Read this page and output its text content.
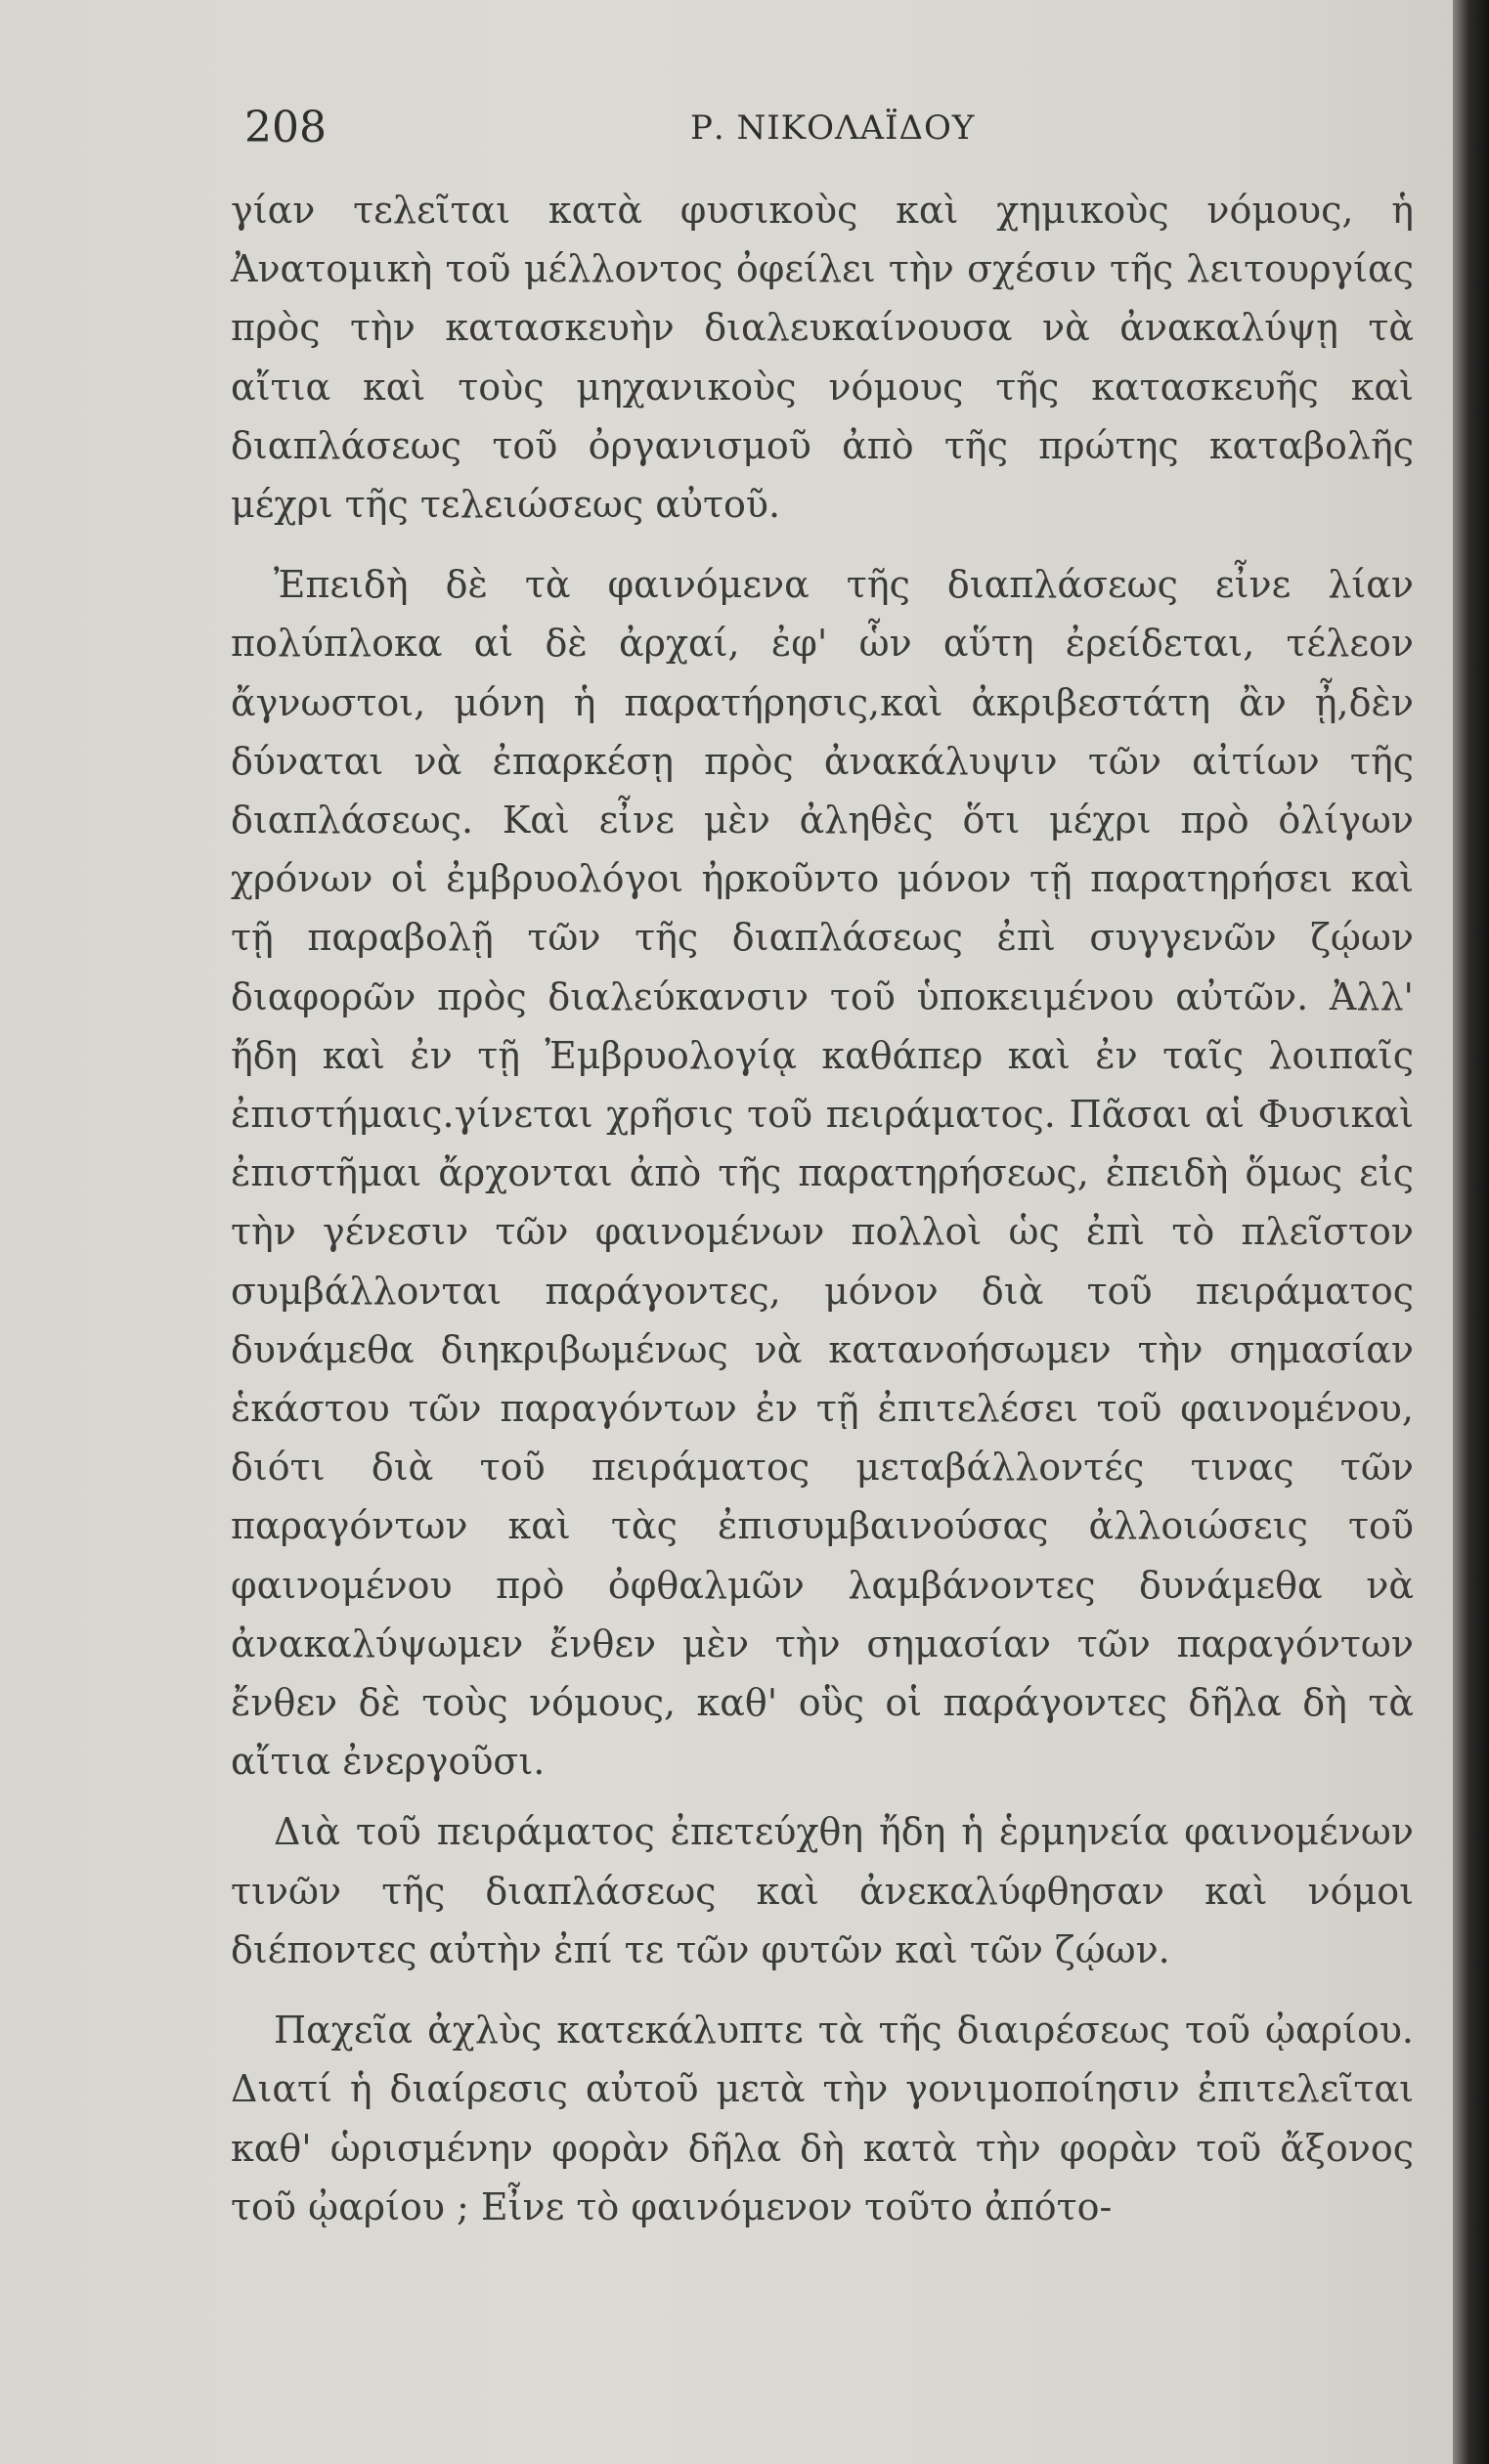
208	Ρ. ΝΙΚΟΛΑΪΔΟΥ

γίαν τελεῖται κατὰ φυσικοὺς καὶ χημικοὺς νόμους, ἡ Ἀνατομικὴ τοῦ μέλλοντος ὀφείλει τὴν σχέσιν τῆς λειτουργίας πρὸς τὴν κατασκευὴν διαλευκαίνουσα νὰ ἀνακαλύψῃ τὰ αἴτια καὶ τοὺς μηχανικοὺς νόμους τῆς κατασκευῆς καὶ διαπλάσεως τοῦ ὀργανισμοῦ ἀπὸ τῆς πρώτης καταβολῆς μέχρι τῆς τελειώσεως αὐτοῦ.

Ἐπειδὴ δὲ τὰ φαινόμενα τῆς διαπλάσεως εἶνε λίαν πολύπλοκα αἱ δὲ ἀρχαί, ἐφ' ὧν αὕτη ἐρείδεται, τέλεον ἄγνωστοι, μόνη ἡ παρατήρησις,καὶ ἀκριβεστάτη ἂν ᾖ,δὲν δύναται νὰ ἐπαρκέσῃ πρὸς ἀνακάλυψιν τῶν αἰτίων τῆς διαπλάσεως. Καὶ εἶνε μὲν ἀληθὲς ὅτι μέχρι πρὸ ὀλίγων χρόνων οἱ ἐμβρυολόγοι ἠρκοῦντο μόνον τῇ παρατηρήσει καὶ τῇ παραβολῇ τῶν τῆς διαπλάσεως ἐπὶ συγγενῶν ζῴων διαφορῶν πρὸς διαλεύκανσιν τοῦ ὑποκειμένου αὐτῶν. Ἀλλ' ἤδη καὶ ἐν τῇ Ἐμβρυολογίᾳ καθάπερ καὶ ἐν ταῖς λοιπαῖς ἐπιστήμαις.γίνεται χρῆσις τοῦ πειράματος. Πᾶσαι αἱ Φυσικαὶ ἐπιστῆμαι ἄρχονται ἀπὸ τῆς παρατηρήσεως, ἐπειδὴ ὅμως εἰς τὴν γένεσιν τῶν φαινομένων πολλοὶ ὡς ἐπὶ τὸ πλεῖστον συμβάλλονται παράγοντες, μόνον διὰ τοῦ πειράματος δυνάμεθα διηκριβωμένως νὰ κατανοήσωμεν τὴν σημασίαν ἑκάστου τῶν παραγόντων ἐν τῇ ἐπιτελέσει τοῦ φαινομένου, διότι διὰ τοῦ πειράματος μεταβάλλοντές τινας τῶν παραγόντων καὶ τὰς ἐπισυμβαινούσας ἀλλοιώσεις τοῦ φαινομένου πρὸ ὀφθαλμῶν λαμβάνοντες δυνάμεθα νὰ ἀνακαλύψωμεν ἔνθεν μὲν τὴν σημασίαν τῶν παραγόντων ἔνθεν δὲ τοὺς νόμους, καθ' οὓς οἱ παράγοντες δῆλα δὴ τὰ αἴτια ἐνεργοῦσι.

Διὰ τοῦ πειράματος ἐπετεύχθη ἤδη ἡ ἑρμηνεία φαινομένων τινῶν τῆς διαπλάσεως καὶ ἀνεκαλύφθησαν καὶ νόμοι διέποντες αὐτὴν ἐπί τε τῶν φυτῶν καὶ τῶν ζῴων.

Παχεῖα ἀχλὺς κατεκάλυπτε τὰ τῆς διαιρέσεως τοῦ ᾠαρίου. Διατί ἡ διαίρεσις αὐτοῦ μετὰ τὴν γονιμοποίησιν ἐπιτελεῖται καθ' ὡρισμένην φορὰν δῆλα δὴ κατὰ τὴν φορὰν τοῦ ἄξονος τοῦ ᾠαρίου ; Εἶνε τὸ φαινόμενον τοῦτο ἀπότο-
